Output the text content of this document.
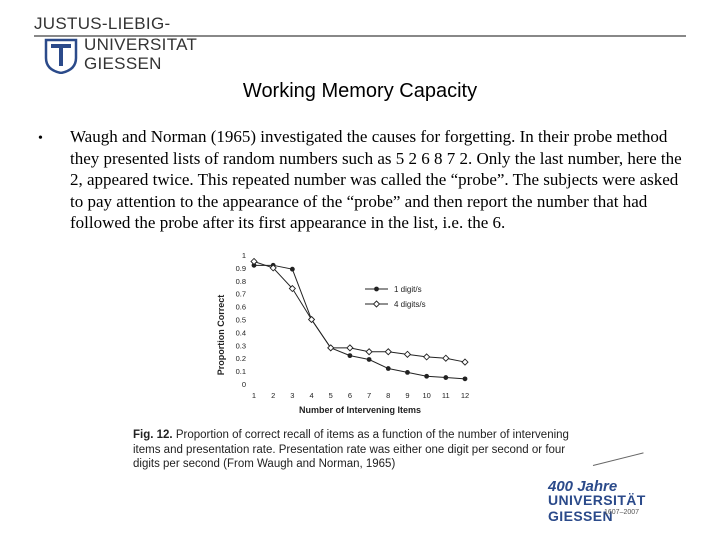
JUSTUS-LIEBIG-
UNIVERSITAT
GIESSEN
Working Memory Capacity
• Waugh and Norman (1965) investigated the causes for forgetting. In their probe method they presented lists of random numbers such as 5 2 6 8 7 2. Only the last number, here the 2, appeared twice. This repeated number was called the “probe”. The subjects were asked to pay attention to the appearance of the “probe” and then report the number that had followed the probe after its first appearance in the list, i.e. the 6.
0
0.1
0.2
0.3
0.4
0.5
0.6
0.7
0.8
0.9
1
1 2 3 4 5 6 7 8 9 10 11 12
Proportion Correct
Number of Intervening Items
1 digit/s
4 digits/s
Fig. 12. Proportion of correct recall of items as a function of the number of intervening items and presentation rate. Presentation rate was either one digit per second or four digits per second (From Waugh and Norman, 1965)
400 Jahre
UNIVERSITÄT GIESSEN
1607–2007
